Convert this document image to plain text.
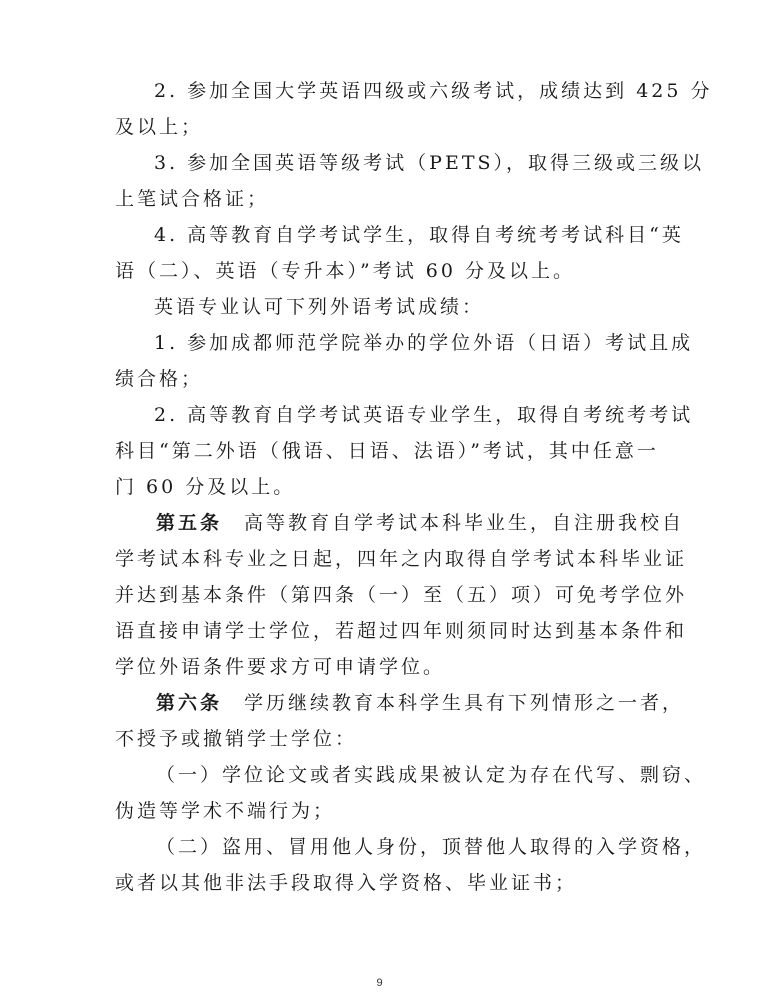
2. 参加全国大学英语四级或六级考试，成绩达到 425 分
及以上；
3. 参加全国英语等级考试（PETS），取得三级或三级以
上笔试合格证；
4. 高等教育自学考试学生，取得自考统考考试科目“英
语（二）、英语（专升本）”考试 60 分及以上。
英语专业认可下列外语考试成绩：
1. 参加成都师范学院举办的学位外语（日语）考试且成
绩合格；
2. 高等教育自学考试英语专业学生，取得自考统考考试
科目“第二外语（俄语、日语、法语）”考试，其中任意一
门 60 分及以上。
第五条 高等教育自学考试本科毕业生，自注册我校自
学考试本科专业之日起，四年之内取得自学考试本科毕业证
并达到基本条件（第四条（一）至（五）项）可免考学位外
语直接申请学士学位，若超过四年则须同时达到基本条件和
学位外语条件要求方可申请学位。
第六条 学历继续教育本科学生具有下列情形之一者，
不授予或撤销学士学位：
（一）学位论文或者实践成果被认定为存在代写、剽窃、
伪造等学术不端行为；
（二）盗用、冒用他人身份，顶替他人取得的入学资格，
或者以其他非法手段取得入学资格、毕业证书；
9
